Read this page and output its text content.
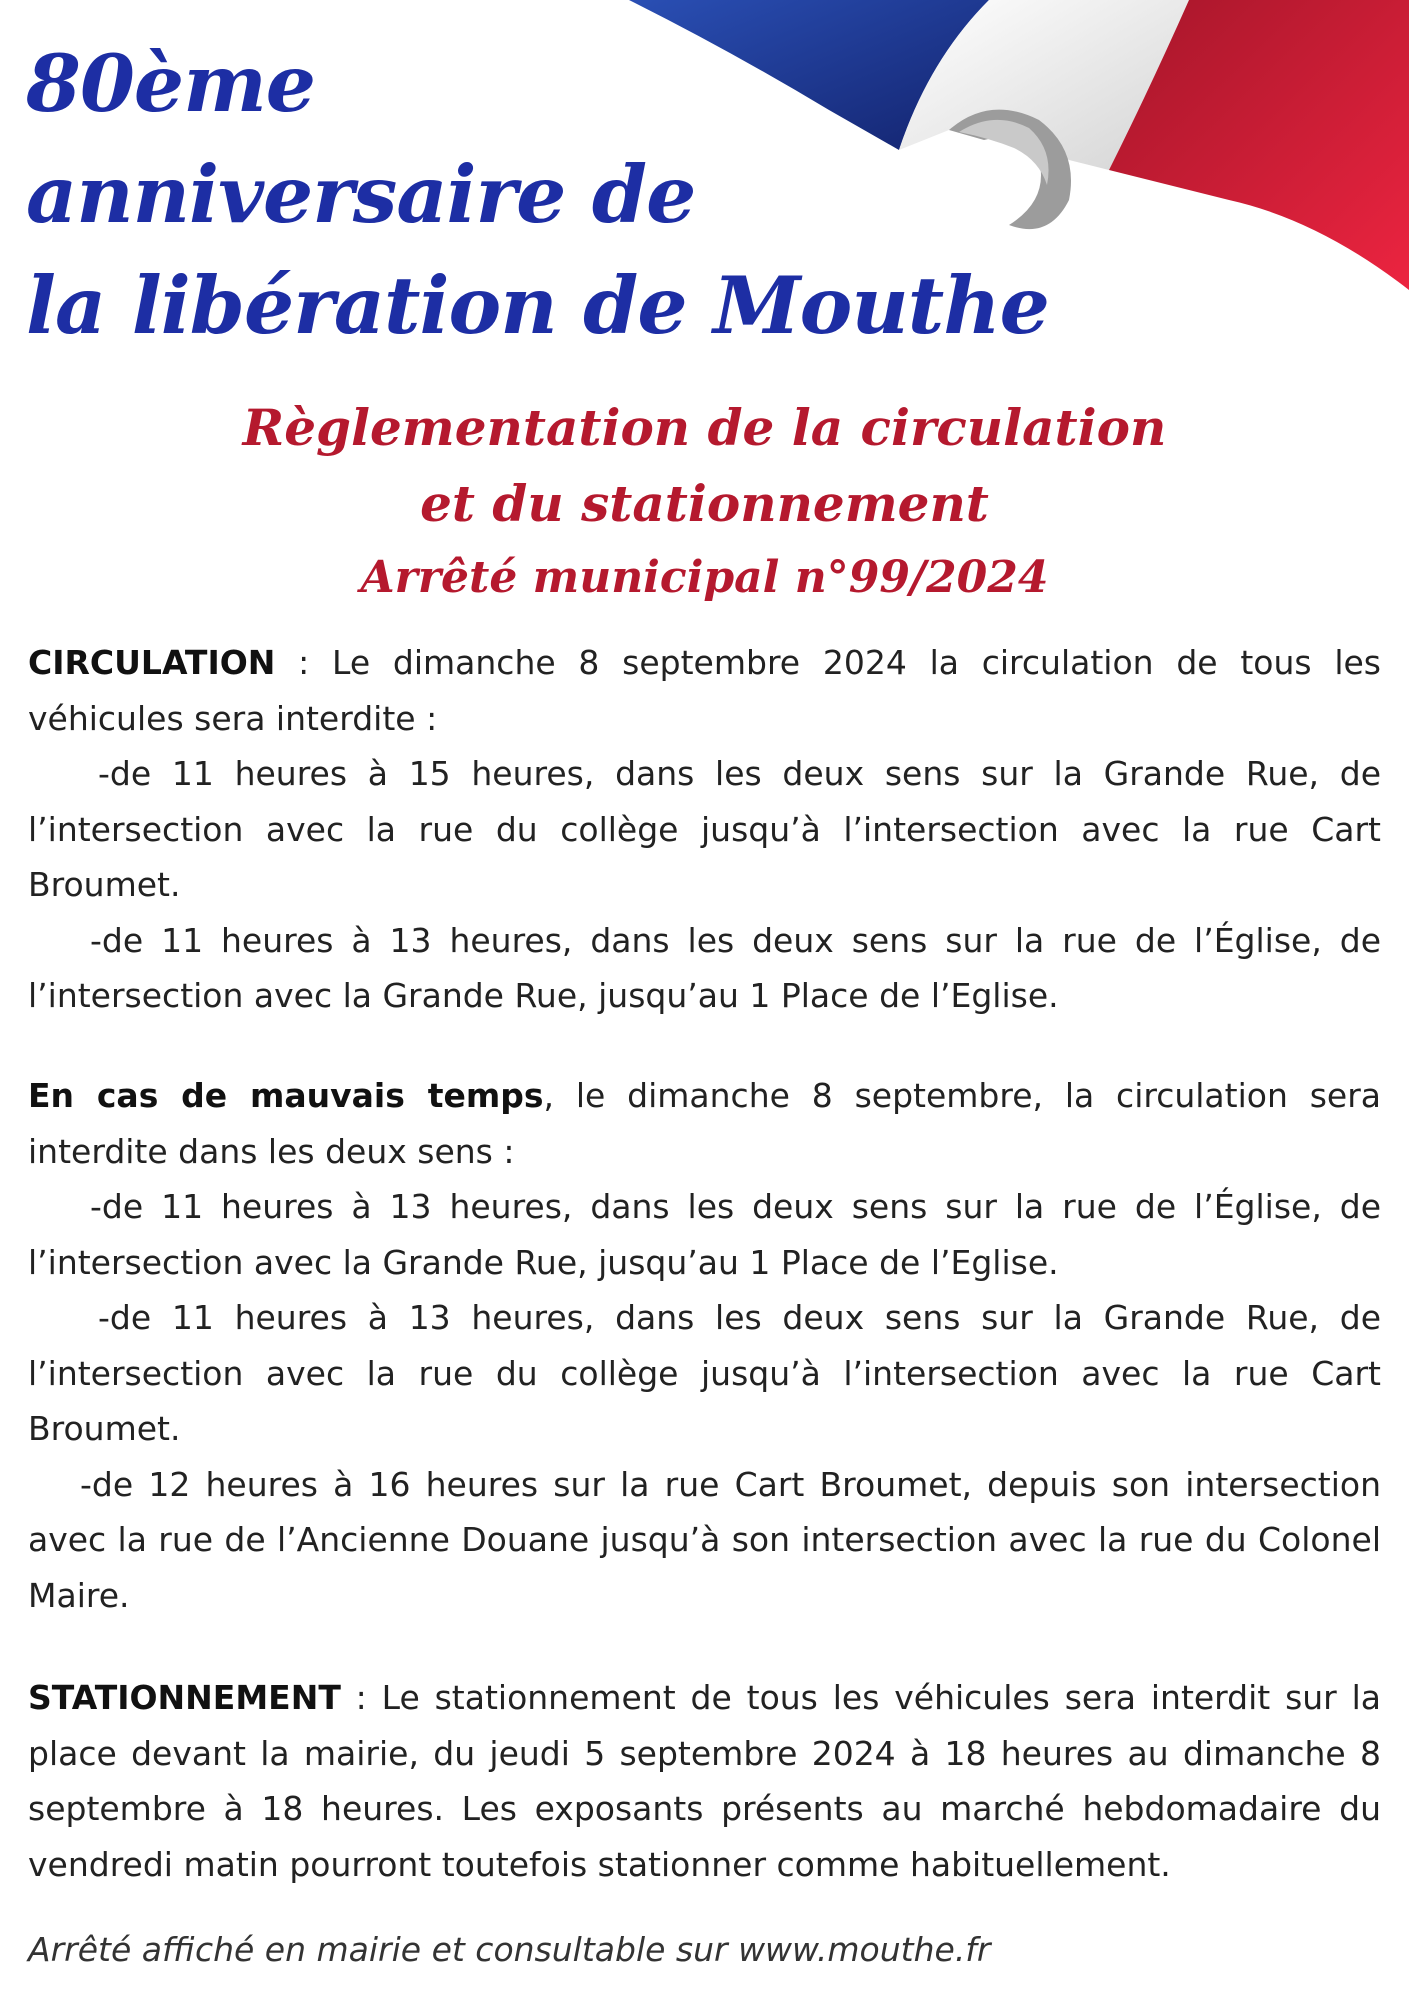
80ème
anniversaire de
la libération de Mouthe

Règlementation de la circulation

et du stationnement

Arrêté municipal n°99/2024

CIRCULATION : Le dimanche 8 septembre 2024 la circulation de tous les véhicules sera interdite :

-de 11 heures à 15 heures, dans les deux sens sur la Grande Rue, de l’intersection avec la rue du collège jusqu’à l’intersection avec la rue Cart Broumet.

-de 11 heures à 13 heures, dans les deux sens sur la rue de l’Église, de l’intersection avec la Grande Rue, jusqu’au 1 Place de l’Eglise.

En cas de mauvais temps, le dimanche 8 septembre, la circulation sera interdite dans les deux sens :

-de 11 heures à 13 heures, dans les deux sens sur la rue de l’Église, de l’intersection avec la Grande Rue, jusqu’au 1 Place de l’Eglise.

-de 11 heures à 13 heures, dans les deux sens sur la Grande Rue, de l’intersection avec la rue du collège jusqu’à l’intersection avec la rue Cart Broumet.

-de 12 heures à 16 heures sur la rue Cart Broumet, depuis son intersection avec la rue de l’Ancienne Douane jusqu’à son intersection avec la rue du Colonel Maire.

STATIONNEMENT : Le stationnement de tous les véhicules sera interdit sur la place devant la mairie, du jeudi 5 septembre 2024 à 18 heures au dimanche 8 septembre à 18 heures. Les exposants présents au marché hebdomadaire du vendredi matin pourront toutefois stationner comme habituellement.

Arrêté affiché en mairie et consultable sur www.mouthe.fr
